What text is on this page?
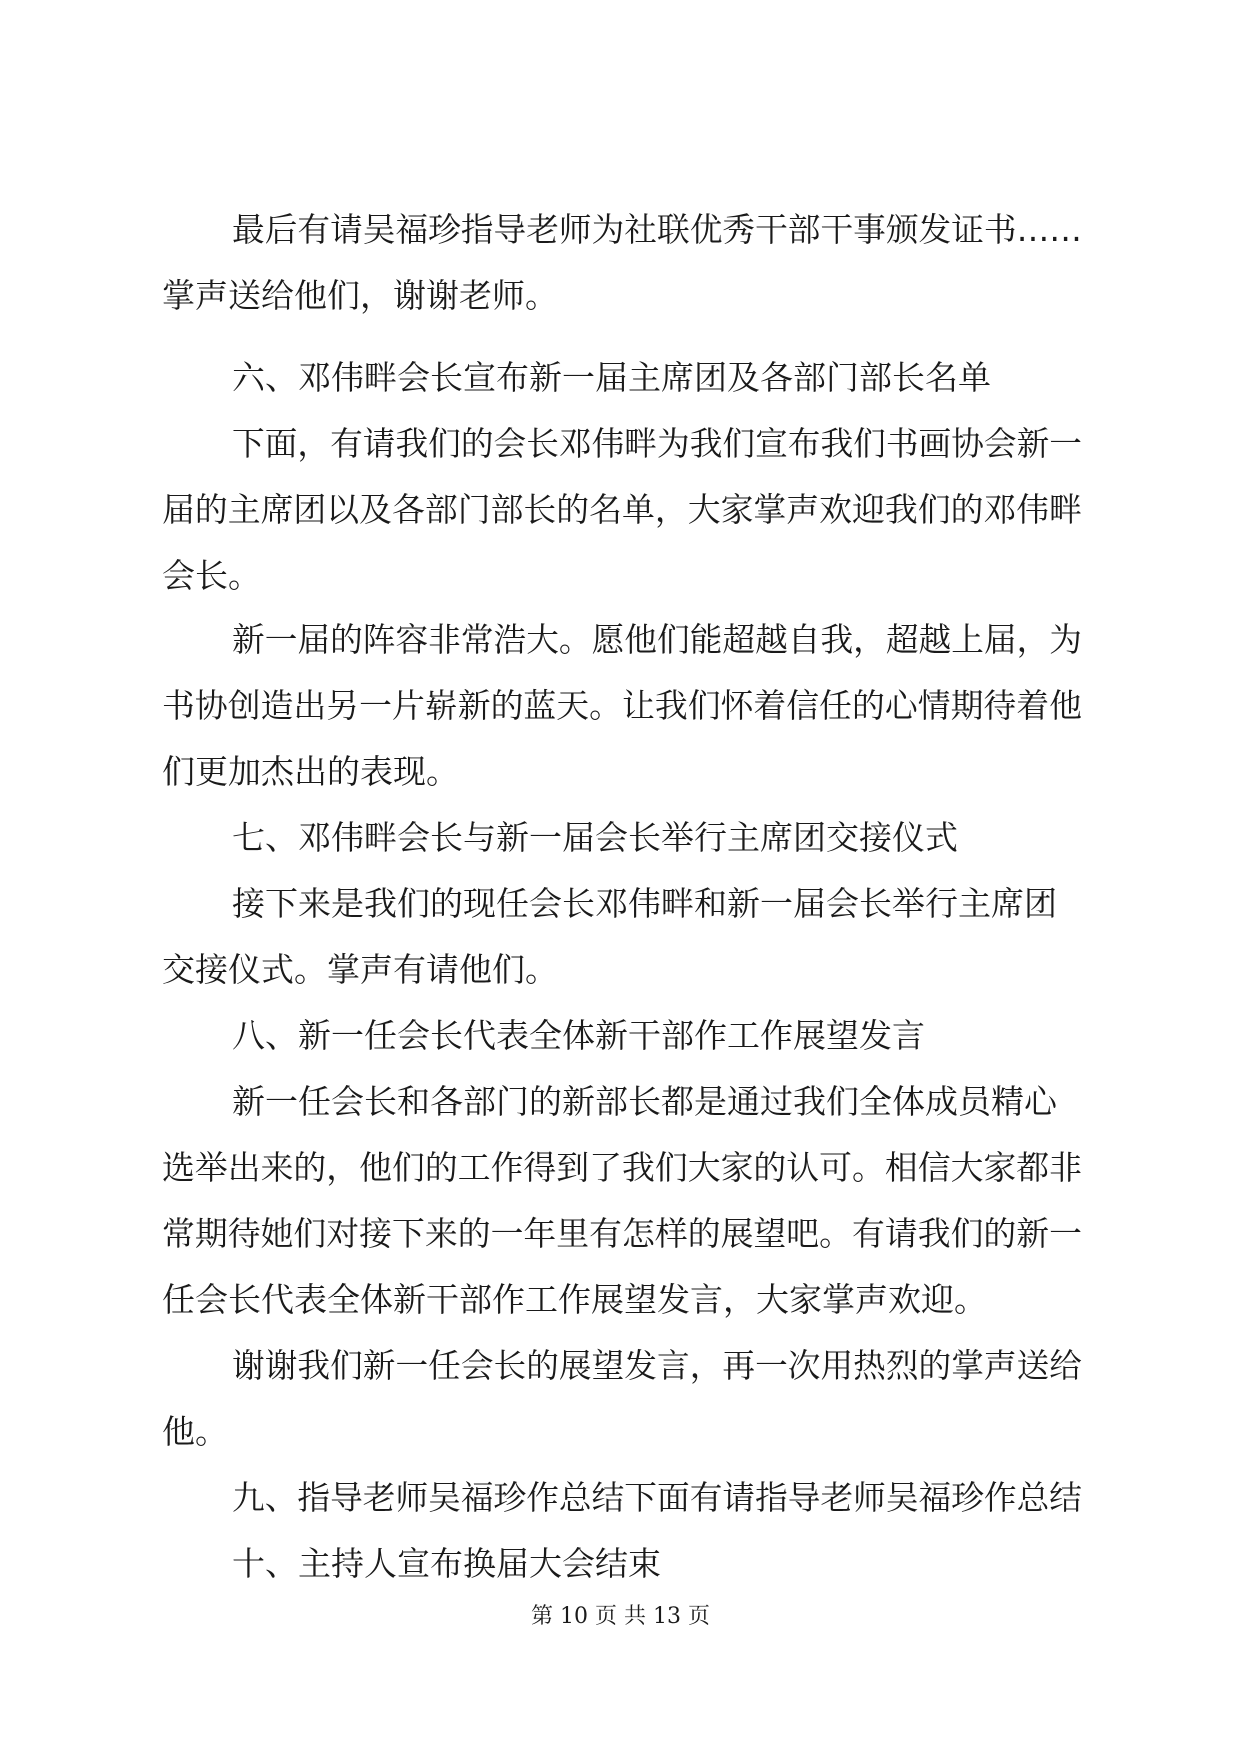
最后有请吴福珍指导老师为社联优秀干部干事颁发证书……
掌声送给他们，谢谢老师。
六、邓伟畔会长宣布新一届主席团及各部门部长名单
下面，有请我们的会长邓伟畔为我们宣布我们书画协会新一
届的主席团以及各部门部长的名单，大家掌声欢迎我们的邓伟畔
会长。
新一届的阵容非常浩大。愿他们能超越自我，超越上届，为
书协创造出另一片崭新的蓝天。让我们怀着信任的心情期待着他
们更加杰出的表现。
七、邓伟畔会长与新一届会长举行主席团交接仪式
接下来是我们的现任会长邓伟畔和新一届会长举行主席团
交接仪式。掌声有请他们。
八、新一任会长代表全体新干部作工作展望发言
新一任会长和各部门的新部长都是通过我们全体成员精心
选举出来的，他们的工作得到了我们大家的认可。相信大家都非
常期待她们对接下来的一年里有怎样的展望吧。有请我们的新一
任会长代表全体新干部作工作展望发言，大家掌声欢迎。
谢谢我们新一任会长的展望发言，再一次用热烈的掌声送给
他。
九、指导老师吴福珍作总结下面有请指导老师吴福珍作总结
十、主持人宣布换届大会结束
第 10 页 共 13 页
